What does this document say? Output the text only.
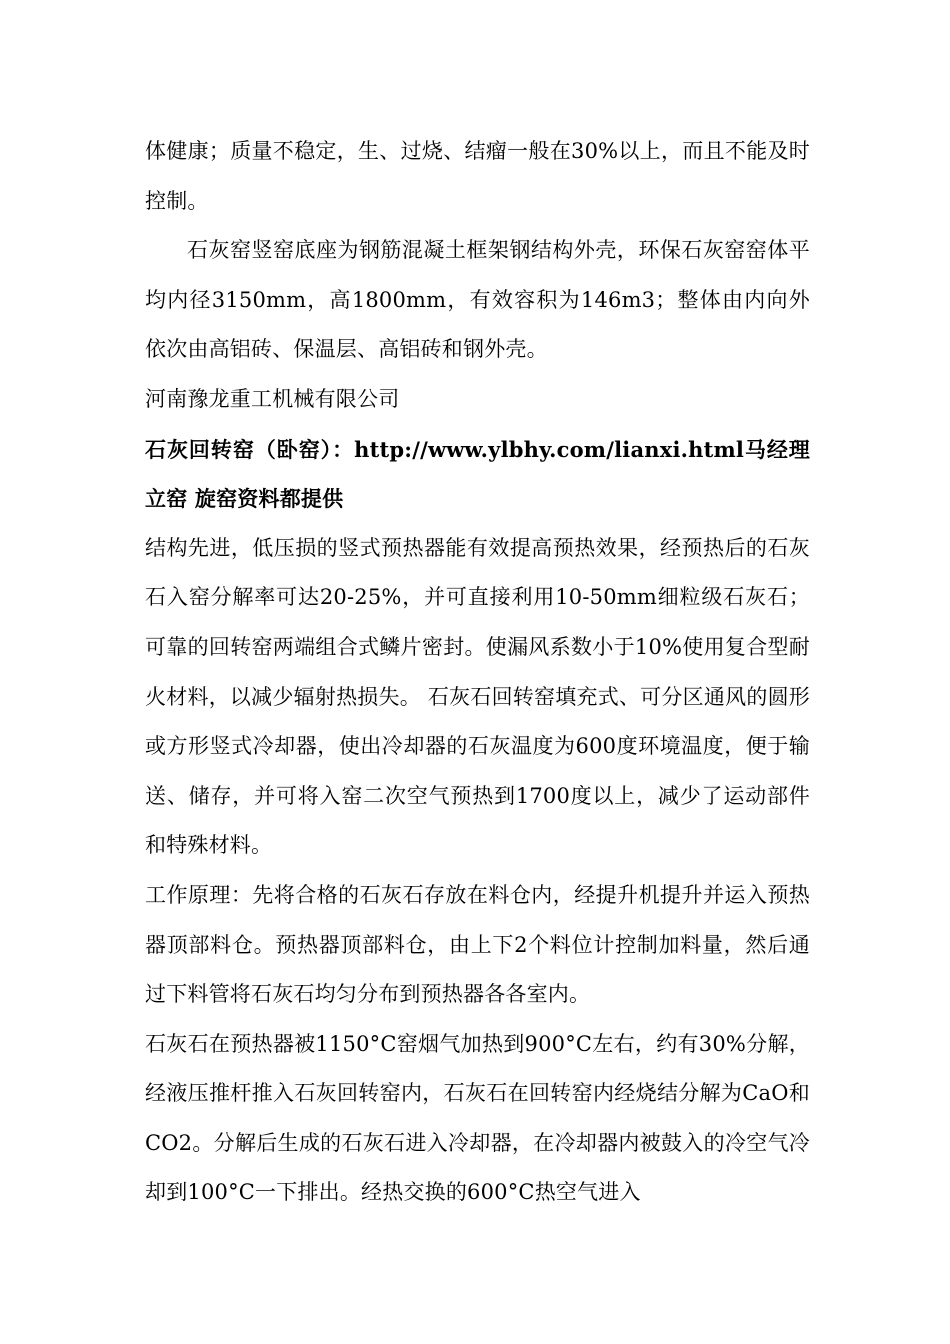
体健康；质量不稳定，生、过烧、结瘤一般在30%以上，而且不能及时控制。

石灰窑竖窑底座为钢筋混凝土框架钢结构外壳，环保石灰窑窑体平均内径3150mm，高1800mm，有效容积为146m3；整体由内向外依次由高铝砖、保温层、高铝砖和钢外壳。

河南豫龙重工机械有限公司

石灰回转窑（卧窑）：http://www.ylbhy.com/lianxi.html马经理立窑 旋窑资料都提供

结构先进，低压损的竖式预热器能有效提高预热效果，经预热后的石灰石入窑分解率可达20-25%，并可直接利用10-50mm细粒级石灰石；可靠的回转窑两端组合式鳞片密封。使漏风系数小于10%使用复合型耐火材料，以减少辐射热损失。 石灰石回转窑填充式、可分区通风的圆形或方形竖式冷却器，使出冷却器的石灰温度为600度环境温度，便于输送、储存，并可将入窑二次空气预热到1700度以上，减少了运动部件和特殊材料。

工作原理：先将合格的石灰石存放在料仓内，经提升机提升并运入预热器顶部料仓。预热器顶部料仓，由上下2个料位计控制加料量，然后通过下料管将石灰石均匀分布到预热器各各室内。

石灰石在预热器被1150°C窑烟气加热到900°C左右，约有30%分解，经液压推杆推入石灰回转窑内，石灰石在回转窑内经烧结分解为CaO和CO2。分解后生成的石灰石进入冷却器，在冷却器内被鼓入的冷空气冷却到100°C一下排出。经热交换的600°C热空气进入
